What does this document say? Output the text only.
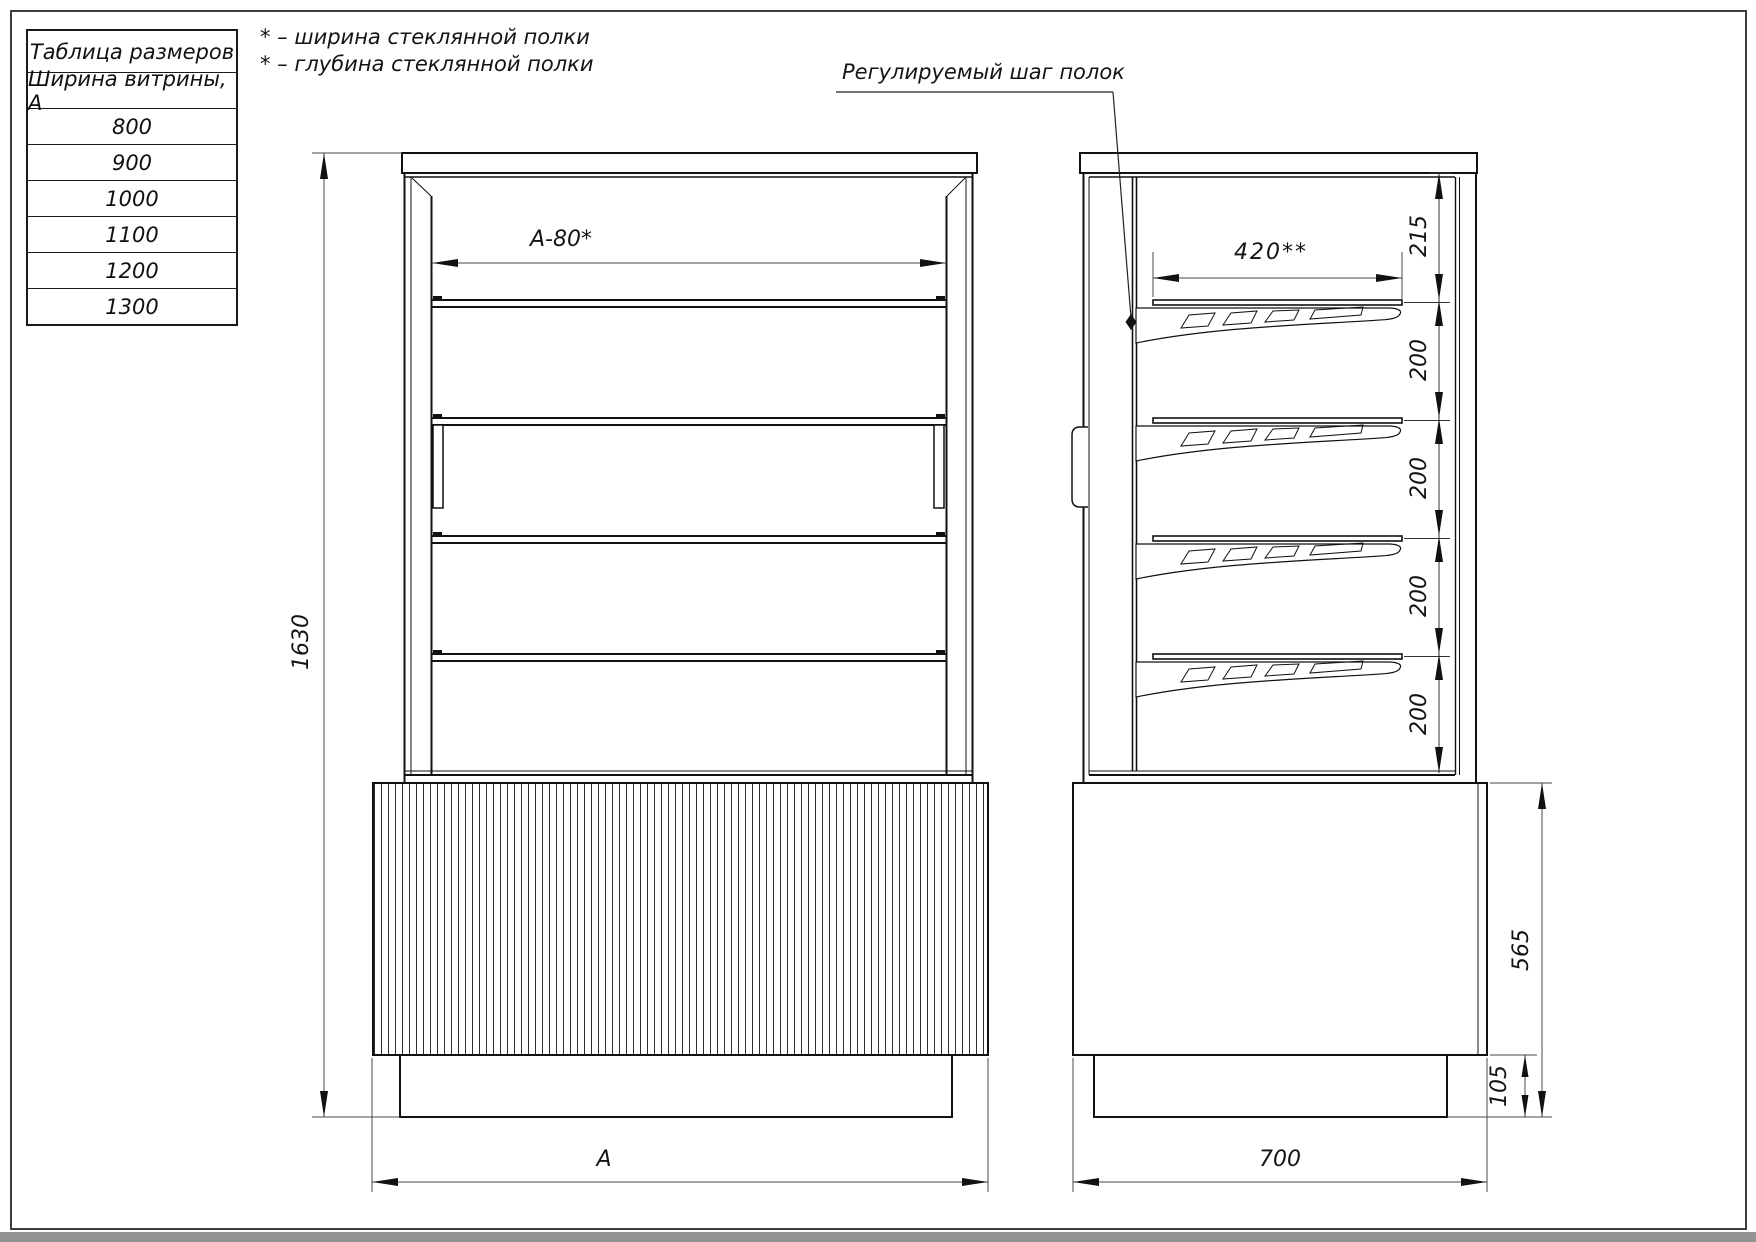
Таблица размеров
Ширина витрины, А
800
900
1000
1100
1200
1300
* – ширина стеклянной полки
* – глубина стеклянной полки	Регулируемый шаг полок
1630
A-80*
A
420**	215
200
200
200
200
565
105
700
